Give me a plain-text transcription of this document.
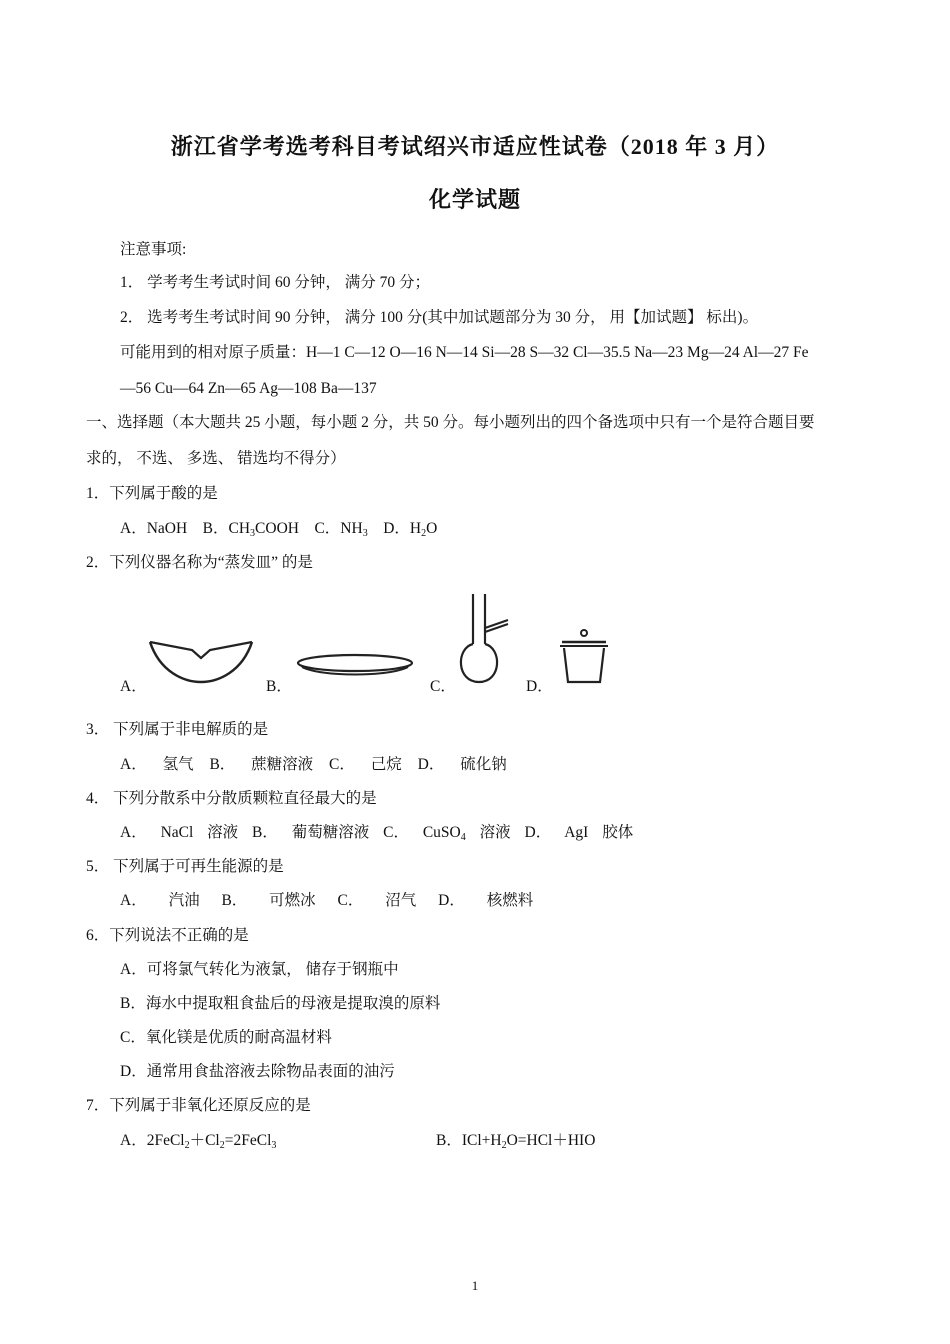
浙江省学考选考科目考试绍兴市适应性试卷（2018 年 3 月）
化学试题
注意事项:
1． 学考考生考试时间 60 分钟， 满分 70 分；
2． 选考考生考试时间 90 分钟， 满分 100 分(其中加试题部分为 30 分， 用【加试题】 标出)。
可能用到的相对原子质量：H—1 C—12 O—16 N—14 Si—28 S—32 Cl—35.5 Na—23 Mg—24 Al—27 Fe
—56 Cu—64 Zn—65 Ag—108 Ba—137
一、选择题（本大题共 25 小题，每小题 2 分，共 50 分。每小题列出的四个备选项中只有一个是符合题目要
求的， 不选、 多选、 错选均不得分）
1．下列属于酸的是
A．NaOH B．$CH_3COOH$ C．$NH_3$ D．$H_2O$
2．下列仪器名称为“蒸发皿” 的是
A．	B．	C．	D．
3． 下列属于非电解质的是
A． 氢气 B． 蔗糖溶液 C． 己烷 D． 硫化钠
4． 下列分散系中分散质颗粒直径最大的是
A． NaCl 溶液 B． 葡萄糖溶液 C． CuSO$_4$ 溶液 D． AgI 胶体
5． 下列属于可再生能源的是
A． 汽油 B． 可燃冰 C． 沼气 D． 核燃料
6．下列说法不正确的是
A．可将氯气转化为液氯， 储存于钢瓶中
B．海水中提取粗食盐后的母液是提取溴的原料
C．氧化镁是优质的耐高温材料
D．通常用食盐溶液去除物品表面的油污
7．下列属于非氧化还原反应的是
A．$2FeCl_2+Cl_2=2FeCl_3$	B．$ICl+H_2O=HCl+HIO$
1
